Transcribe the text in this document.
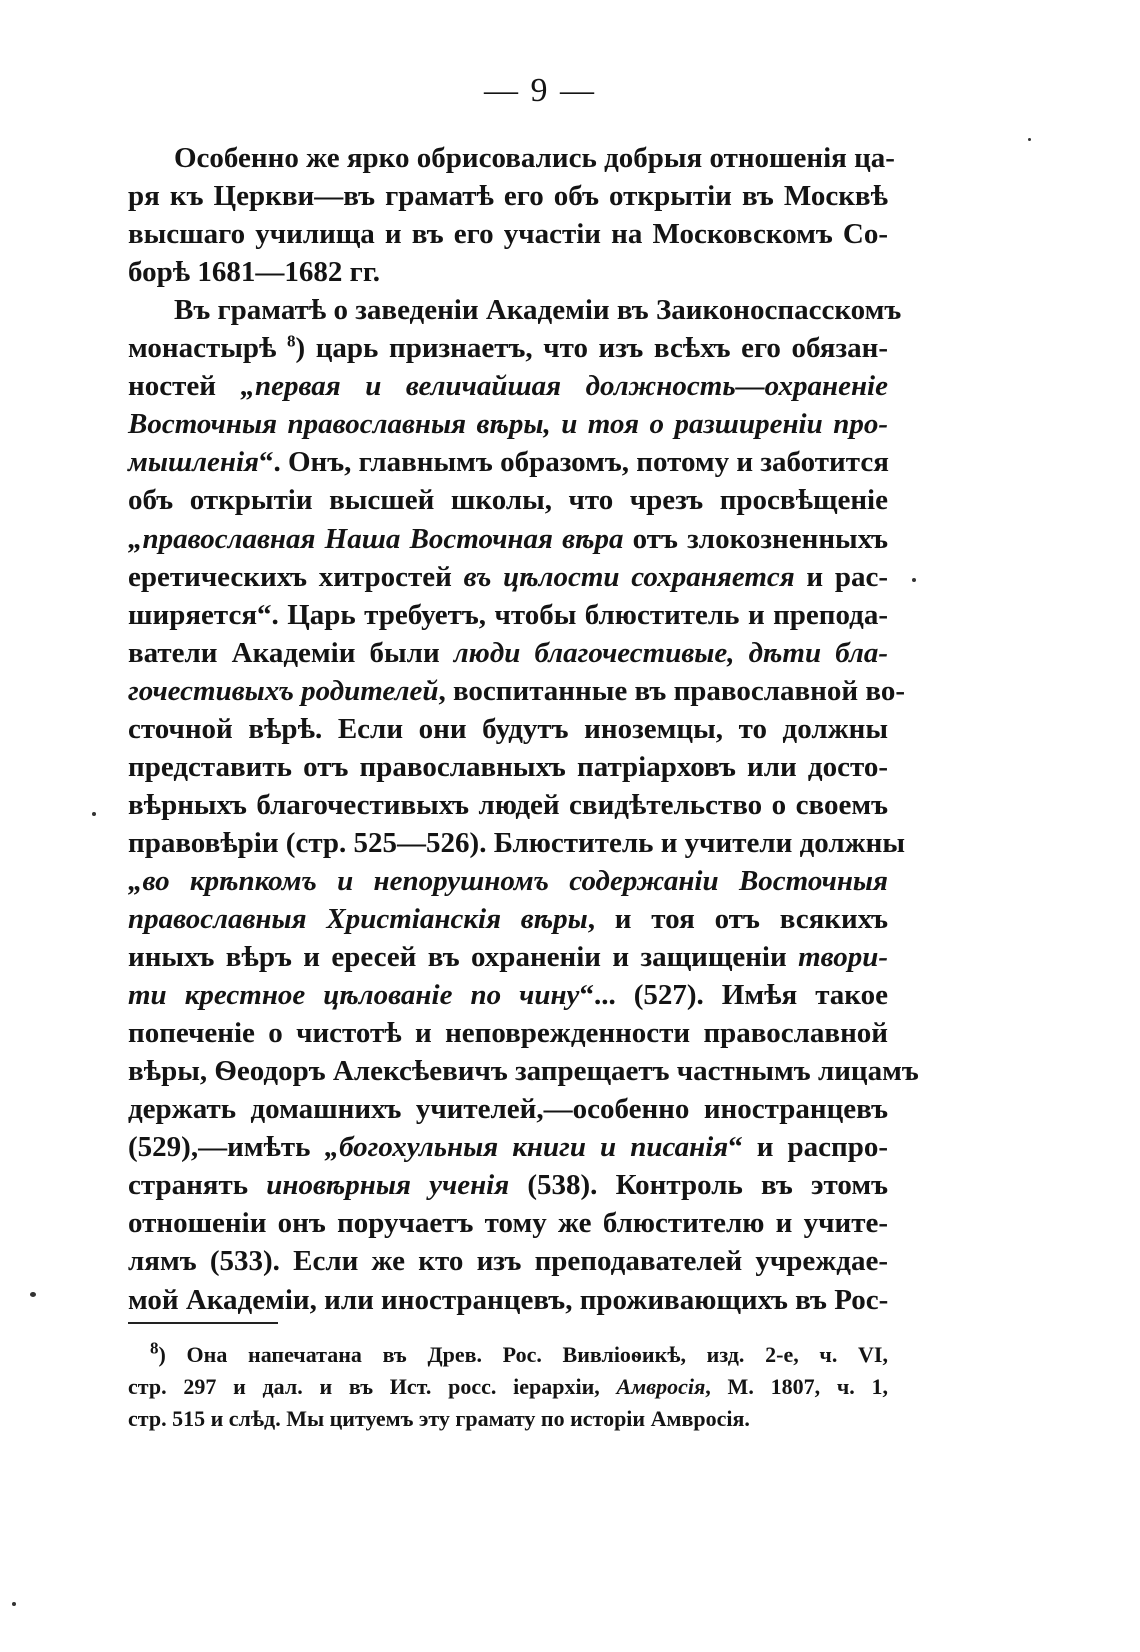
— 9 —
Особенно же ярко обрисовались добрыя отношенія ца-
ря къ Церкви—въ граматѣ его объ открытіи въ Москвѣ
высшаго училища и въ его участіи на Московскомъ Со-
борѣ 1681—1682 гг.
Въ граматѣ о заведеніи Академіи въ Заиконоспасскомъ
монастырѣ $^8$) царь признаетъ, что изъ всѣхъ его обязан-
ностей „первая и величайшая должность—охраненіе
Восточныя православныя вѣры, и тоя о разширеніи про-
мышленія“. Онъ, главнымъ образомъ, потому и заботится
объ открытіи высшей школы, что чрезъ просвѣщеніе
„православная Наша Восточная вѣра отъ злокозненныхъ
еретическихъ хитростей въ цѣлости сохраняется и рас-
ширяется“. Царь требуетъ, чтобы блюститель и препода-
ватели Академіи были люди благочестивые, дѣти бла-
гочестивыхъ родителей, воспитанные въ православной во-
сточной вѣрѣ. Если они будутъ иноземцы, то должны
представить отъ православныхъ патріарховъ или досто-
вѣрныхъ благочестивыхъ людей свидѣтельство о своемъ
правовѣріи (стр. 525—526). Блюститель и учители должны
„во крѣпкомъ и непорушномъ содержаніи Восточныя
православныя Христіанскія вѣры, и тоя отъ всякихъ
иныхъ вѣръ и ересей въ охраненіи и защищеніи твори-
ти крестное цѣлованіе по чину“... (527). Имѣя такое
попеченіе о чистотѣ и неповрежденности православной
вѣры, Ѳеодоръ Алексѣевичъ запрещаетъ частнымъ лицамъ
держать домашнихъ учителей,—особенно иностранцевъ
(529),—имѣть „богохульныя книги и писанія“ и распро-
странять иновѣрныя ученія (538). Контроль въ этомъ
отношеніи онъ поручаетъ тому же блюстителю и учите-
лямъ (533). Если же кто изъ преподавателей учреждае-
мой Академіи, или иностранцевъ, проживающихъ въ Рос-
$^8$) Она напечатана въ Древ. Рос. Вивліоѳикѣ, изд. 2-е, ч. VI,
стр. 297 и дал. и въ Ист. росс. іерархіи, Амвросія, М. 1807, ч. 1,
стр. 515 и слѣд. Мы цитуемъ эту грамату по исторіи Амвросія.
